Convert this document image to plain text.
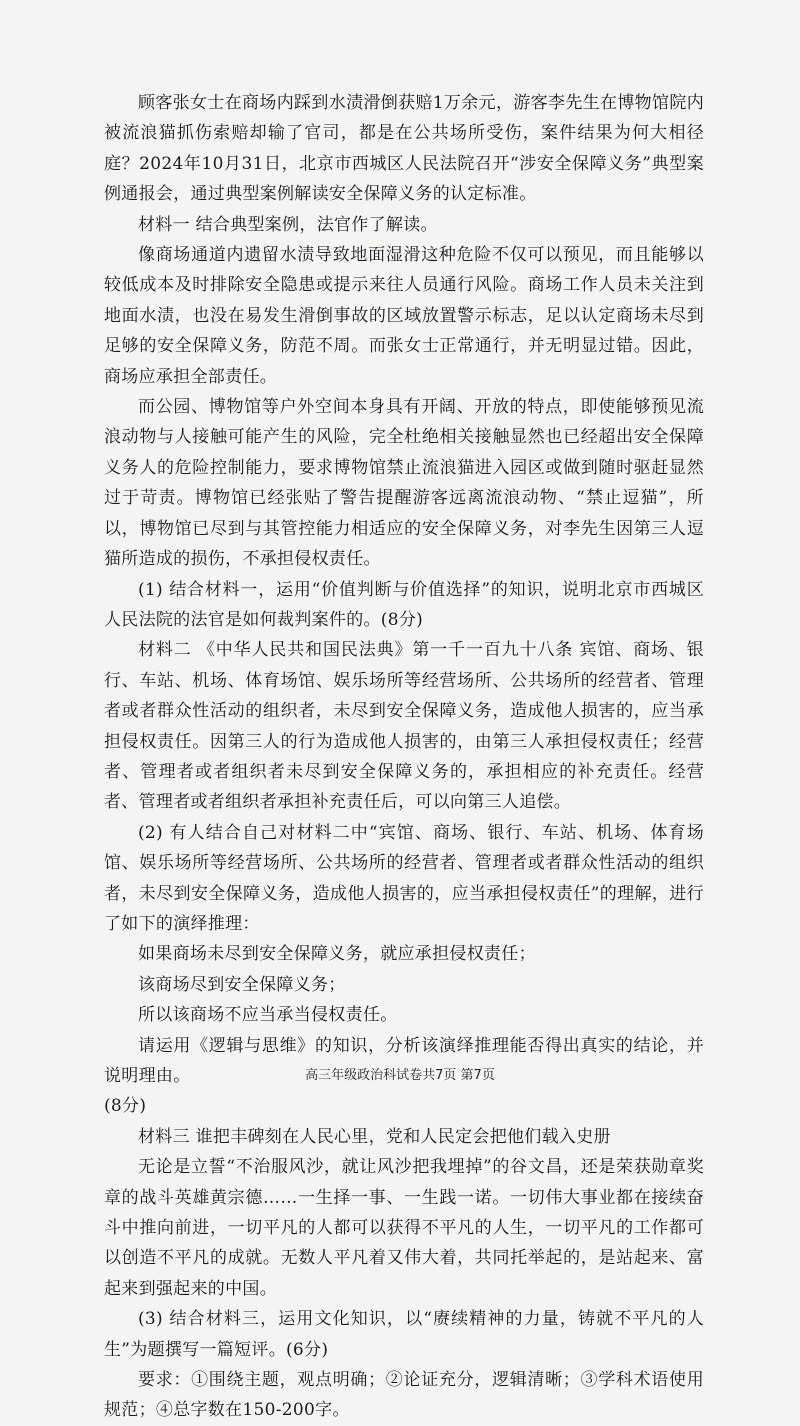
顾客张女士在商场内踩到水渍滑倒获赔1万余元，游客李先生在博物馆院内被流浪猫抓伤索赔却输了官司，都是在公共场所受伤，案件结果为何大相径庭？2024年10月31日，北京市西城区人民法院召开“涉安全保障义务”典型案例通报会，通过典型案例解读安全保障义务的认定标准。

材料一 结合典型案例，法官作了解读。

像商场通道内遗留水渍导致地面湿滑这种危险不仅可以预见，而且能够以较低成本及时排除安全隐患或提示来往人员通行风险。商场工作人员未关注到地面水渍，也没在易发生滑倒事故的区域放置警示标志，足以认定商场未尽到足够的安全保障义务，防范不周。而张女士正常通行，并无明显过错。因此，商场应承担全部责任。

而公园、博物馆等户外空间本身具有开阔、开放的特点，即使能够预见流浪动物与人接触可能产生的风险，完全杜绝相关接触显然也已经超出安全保障义务人的危险控制能力，要求博物馆禁止流浪猫进入园区或做到随时驱赶显然过于苛责。博物馆已经张贴了警告提醒游客远离流浪动物、“禁止逗猫”，所以，博物馆已尽到与其管控能力相适应的安全保障义务，对李先生因第三人逗猫所造成的损伤，不承担侵权责任。

(1) 结合材料一，运用“价值判断与价值选择”的知识，说明北京市西城区人民法院的法官是如何裁判案件的。(8分)

材料二 《中华人民共和国民法典》第一千一百九十八条 宾馆、商场、银行、车站、机场、体育场馆、娱乐场所等经营场所、公共场所的经营者、管理者或者群众性活动的组织者，未尽到安全保障义务，造成他人损害的，应当承担侵权责任。因第三人的行为造成他人损害的，由第三人承担侵权责任；经营者、管理者或者组织者未尽到安全保障义务的，承担相应的补充责任。经营者、管理者或者组织者承担补充责任后，可以向第三人追偿。

(2) 有人结合自己对材料二中“宾馆、商场、银行、车站、机场、体育场馆、娱乐场所等经营场所、公共场所的经营者、管理者或者群众性活动的组织者，未尽到安全保障义务，造成他人损害的，应当承担侵权责任”的理解，进行了如下的演绎推理：

如果商场未尽到安全保障义务，就应承担侵权责任；

该商场尽到安全保障义务；

所以该商场不应当承当侵权责任。

请运用《逻辑与思维》的知识，分析该演绎推理能否得出真实的结论，并说明理由。

(8分)

材料三 谁把丰碑刻在人民心里，党和人民定会把他们载入史册

无论是立誓“不治服风沙，就让风沙把我埋掉”的谷文昌，还是荣获勋章奖章的战斗英雄黄宗德……一生择一事、一生践一诺。一切伟大事业都在接续奋斗中推向前进，一切平凡的人都可以获得不平凡的人生，一切平凡的工作都可以创造不平凡的成就。无数人平凡着又伟大着，共同托举起的，是站起来、富起来到强起来的中国。

(3) 结合材料三，运用文化知识，以“赓续精神的力量，铸就不平凡的人生”为题撰写一篇短评。(6分)

要求：①围绕主题，观点明确；②论证充分，逻辑清晰；③学科术语使用规范；④总字数在150-200字。

高三年级政治科试卷共7页 第7页
